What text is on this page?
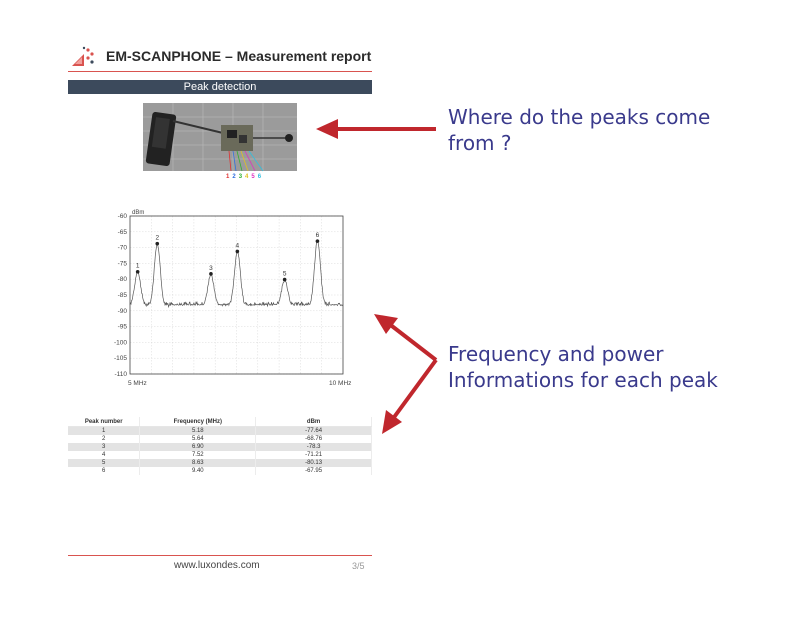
EM-SCANPHONE – Measurement report
Peak detection
1 2 3 4 5 6
dBm
-60
-65
-70
-75
-80
-85
-90
-95
-100
-105
-110
5 MHz	10 MHz
1
2
3
4
5
6
Peak number	Frequency (MHz)	dBm
1	5.18	-77.64
2	5.64	-68.76
3	6.90	-78.3
4	7.52	-71.21
5	8.63	-80.13
6	9.40	-67.95
www.luxondes.com	3/5
Where do the peaks come from ?
Frequency and power
Informations for each peak
